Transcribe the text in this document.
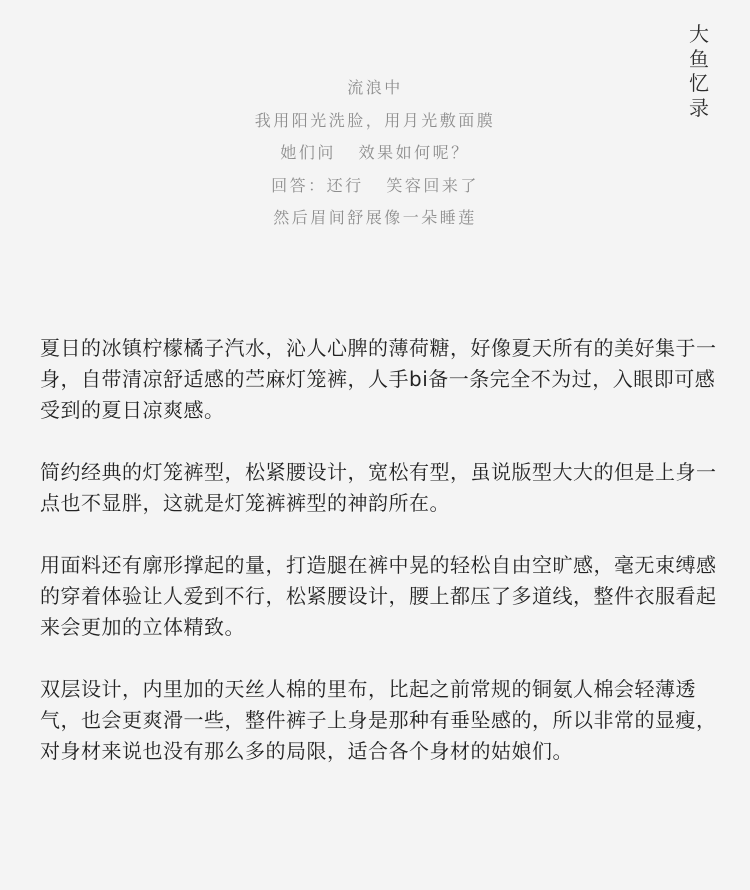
大
鱼
忆
录
流浪中
我用阳光洗脸，用月光敷面膜
她们问   效果如何呢？
回答：还行   笑容回来了
然后眉间舒展像一朵睡莲

夏日的冰镇柠檬橘子汽水，沁人心脾的薄荷糖，好像夏天所有的美好集于一身，自带清凉舒适感的苎麻灯笼裤，人手bi备一条完全不为过，入眼即可感受到的夏日凉爽感。

简约经典的灯笼裤型，松紧腰设计，宽松有型，虽说版型大大的但是上身一点也不显胖，这就是灯笼裤裤型的神韵所在。

用面料还有廓形撑起的量，打造腿在裤中晃的轻松自由空旷感，毫无束缚感的穿着体验让人爱到不行，松紧腰设计，腰上都压了多道线，整件衣服看起来会更加的立体精致。

双层设计，内里加的天丝人棉的里布，比起之前常规的铜氨人棉会轻薄透气，也会更爽滑一些，整件裤子上身是那种有垂坠感的，所以非常的显瘦，对身材来说也没有那么多的局限，适合各个身材的姑娘们。
